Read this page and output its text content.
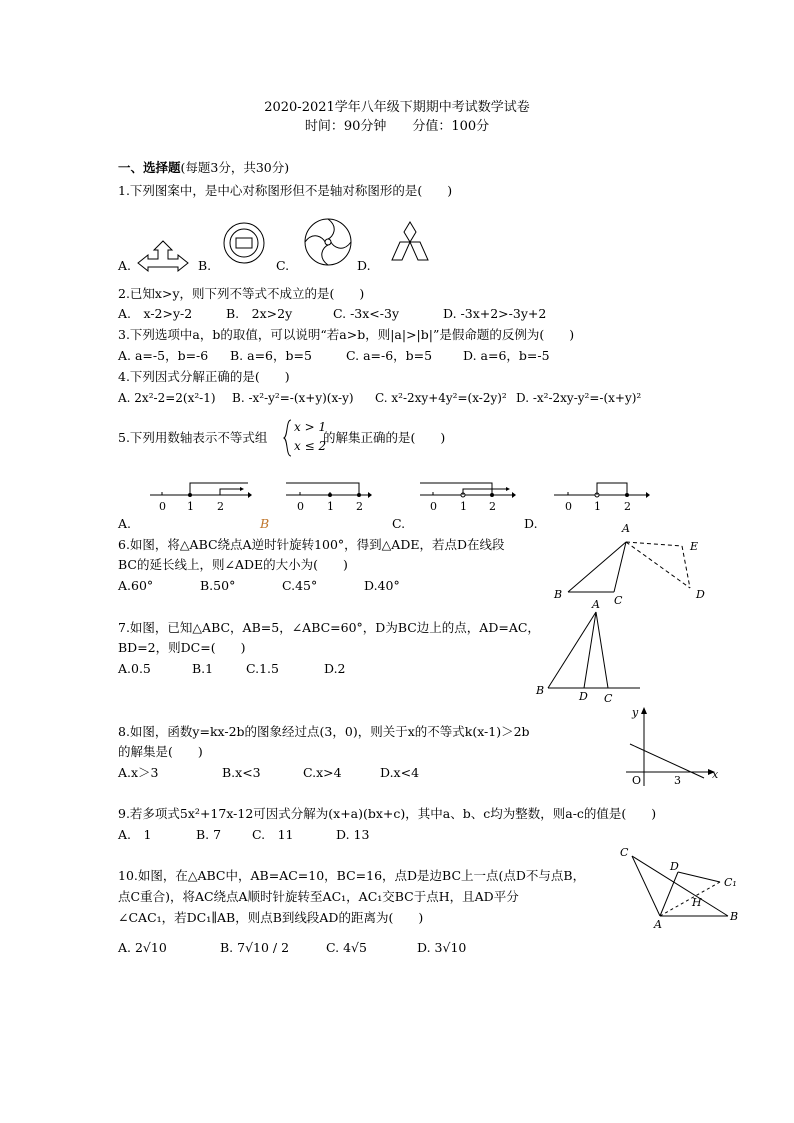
2020-2021学年八年级下期期中考试数学试卷
时间：90分钟　　分值：100分
一、选择题(每题3分，共30分)
1.下列图案中，是中心对称图形但不是轴对称图形的是(　　)
A.	B.	C.	D.
2.已知x>y，则下列不等式不成立的是(　　)
A.　x-2>y-2	B.　2x>2y	C. -3x<-3y	D. -3x+2>-3y+2
3.下列选项中a，b的取值，可以说明“若a>b，则|a|>|b|”是假命题的反例为(　　)
A. a=-5，b=-6 B. a=6，b=5	C. a=-6，b=5 D. a=6，b=-5
4.下列因式分解正确的是(　　)
A. 2x²-2=2(x²-1) B. -x²-y²=-(x+y)(x-y) C. x²-2xy+4y²=(x-2y)² D. -x²-2xy-y²=-(x+y)²
5.下列用数轴表示不等式组
x > 1
x ≤ 2
的解集正确的是(　　)
0 1 2	0 1 2	0 1 2	0 1 2
A.	B	C.	D.
6.如图，将△ABC绕点A逆时针旋转100°，得到△ADE，若点D在线段
BC的延长线上，则∠ADE的大小为(　　)
A.60°	B.50°	C.45°	D.40°
A
B	C	D
E
7.如图，已知△ABC，AB=5，∠ABC=60°，D为BC边上的点，AD=AC，
BD=2，则DC=(　　)
A.0.5	B.1	C.1.5	D.2
A
B	D C
8.如图，函数y=kx-2b的图象经过点(3，0)，则关于x的不等式k(x-1)＞2b
的解集是(　　)
A.x＞3	B.x<3	C.x>4	D.x<4
y
O	3	x
9.若多项式5x²+17x-12可因式分解为(x+a)(bx+c)，其中a、b、c均为整数，则a-c的值是(　　)
A.　1	B. 7 C.　11	D. 13
10.如图，在△ABC中，AB=AC=10，BC=16，点D是边BC上一点(点D不与点B，
点C重合)，将AC绕点A顺时针旋转至AC₁，AC₁交BC于点H，且AD平分
∠CAC₁，若DC₁∥AB，则点B到线段AD的距离为(　　)
A. 2√10	B. 7√10 / 2	C. 4√5	D. 3√10
C
D
C₁
H
A
B
